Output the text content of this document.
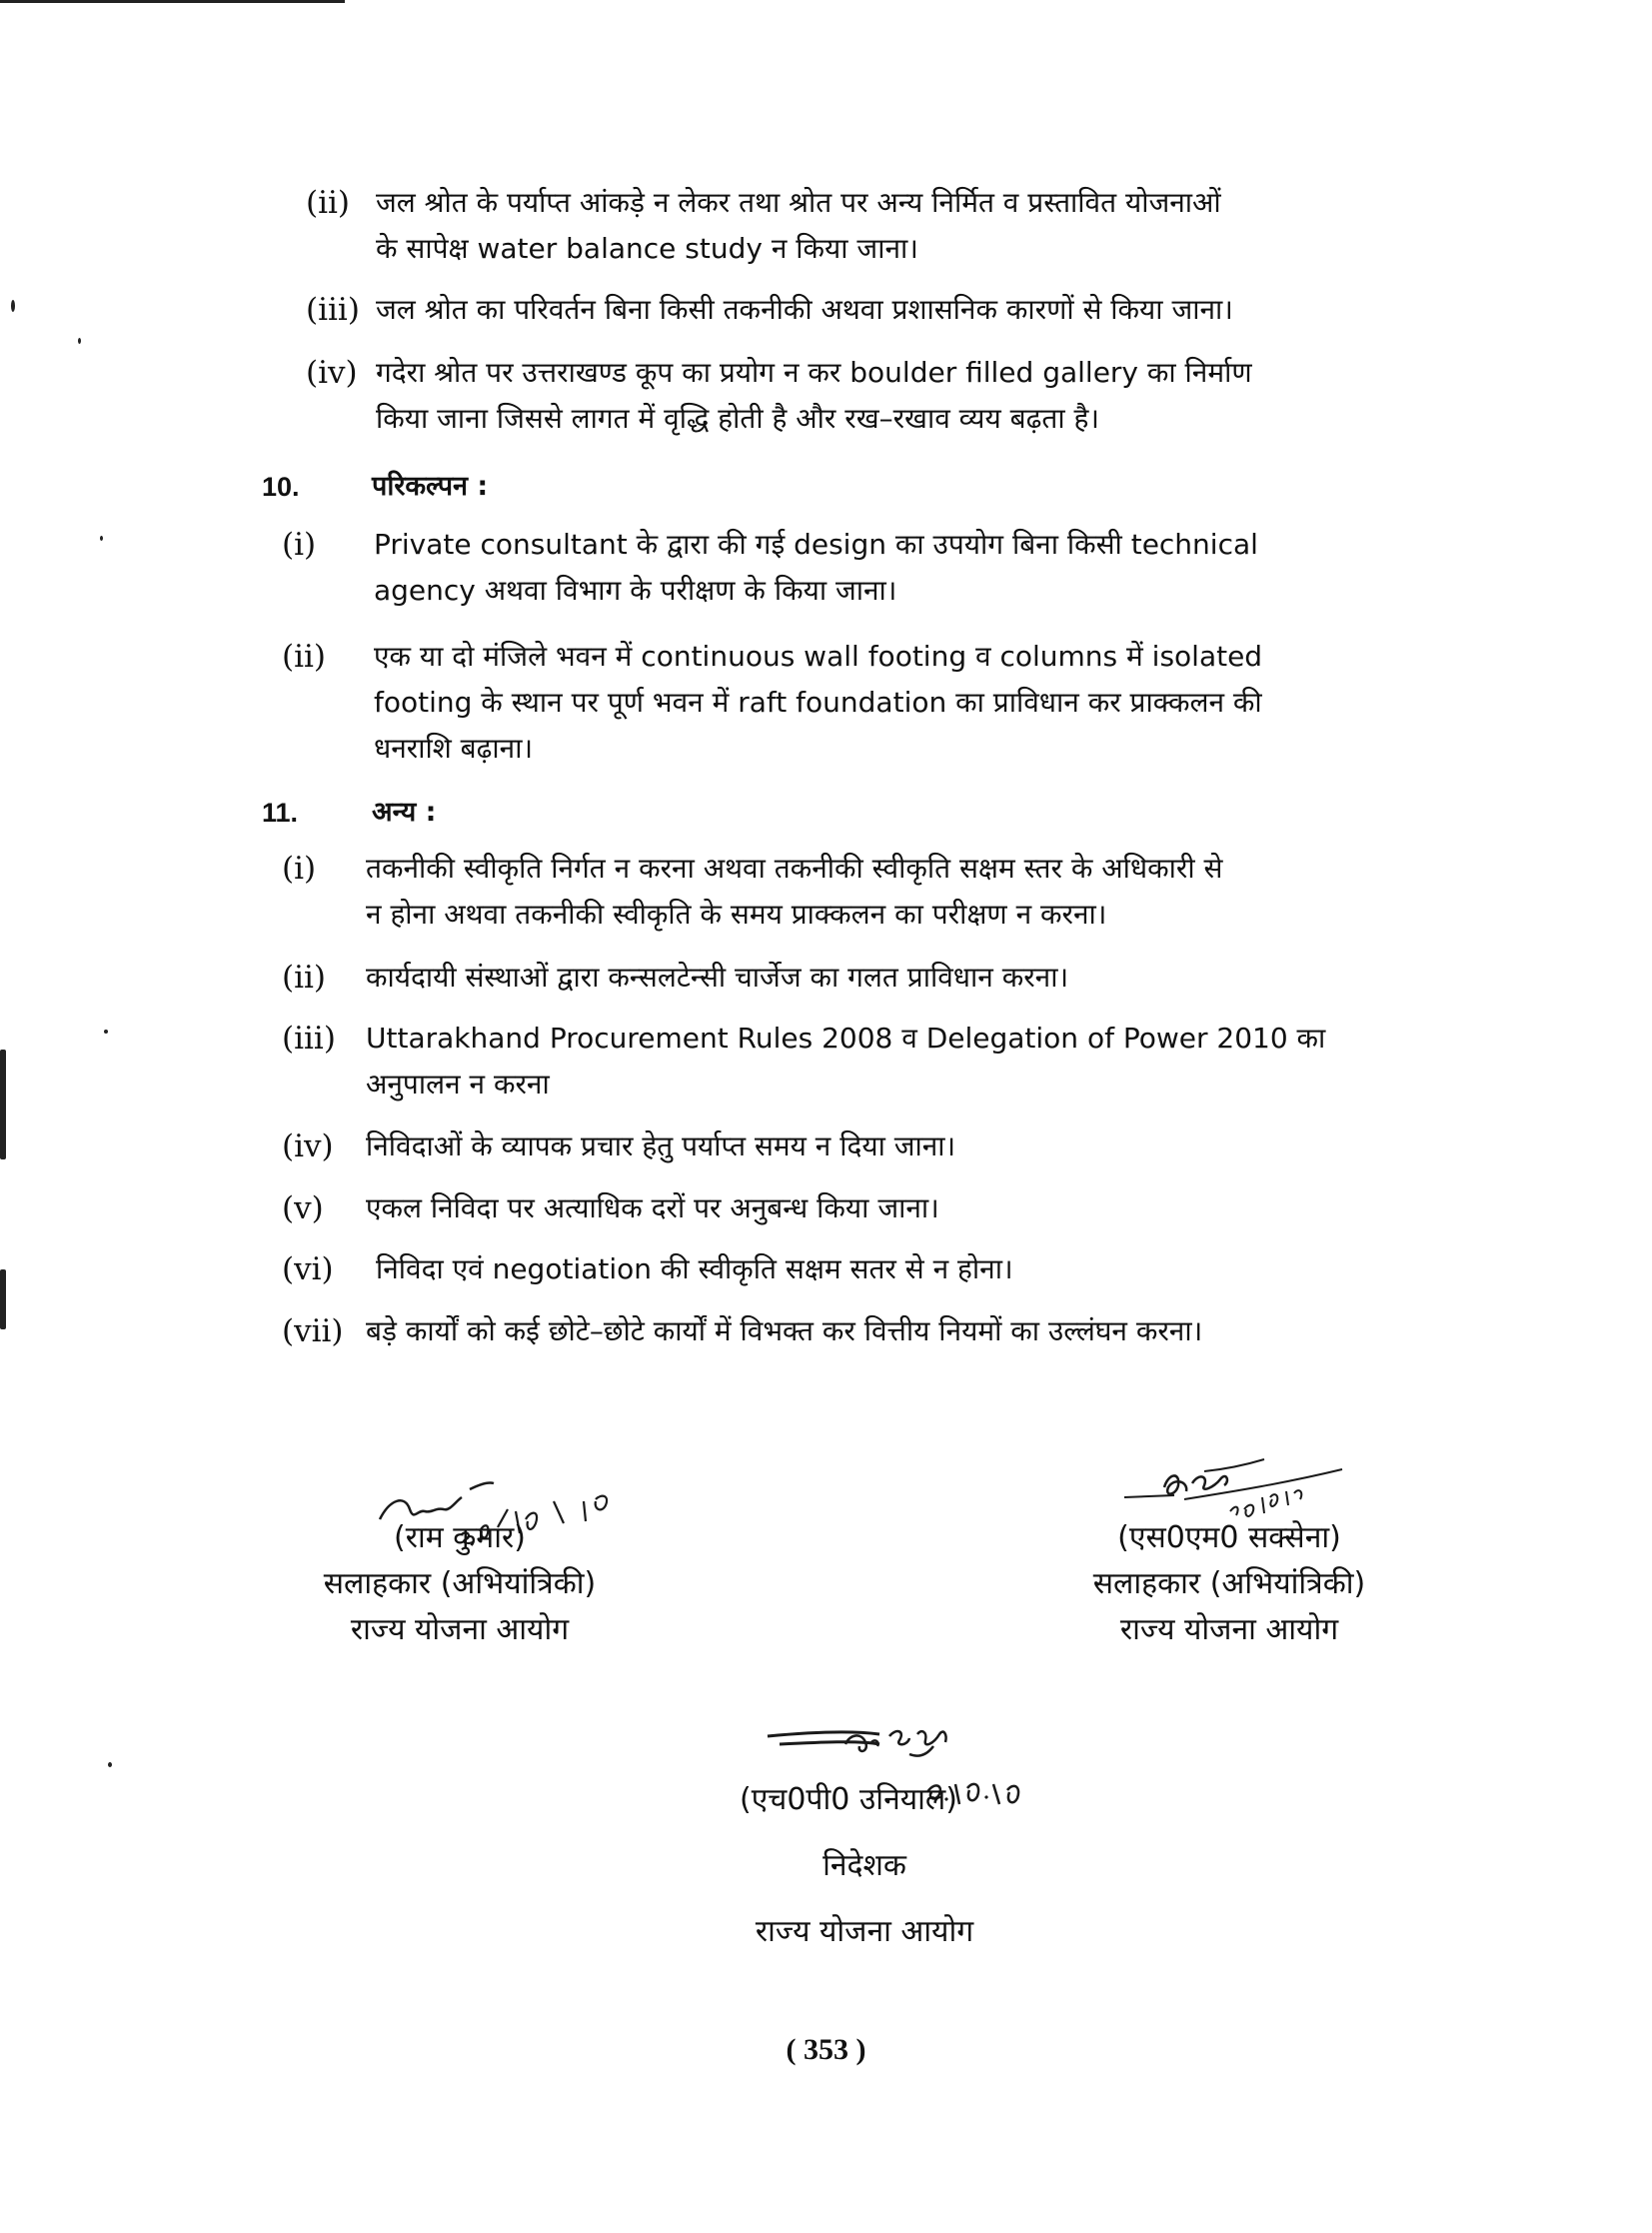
(ii) जल श्रोत के पर्याप्त आंकड़े न लेकर तथा श्रोत पर अन्य निर्मित व प्रस्तावित योजनाओं
के सापेक्ष water balance study न किया जाना।
(iii) जल श्रोत का परिवर्तन बिना किसी तकनीकी अथवा प्रशासनिक कारणों से किया जाना।
(iv) गदेरा श्रोत पर उत्तराखण्ड कूप का प्रयोग न कर boulder filled gallery का निर्माण
किया जाना जिससे लागत में वृद्धि होती है और रख–रखाव व्यय बढ़ता है।
10.	परिकल्पन :
(i) Private consultant के द्वारा की गई design का उपयोग बिना किसी technical
agency अथवा विभाग के परीक्षण के किया जाना।
(ii) एक या दो मंजिले भवन में continuous wall footing व columns में isolated
footing के स्थान पर पूर्ण भवन में raft foundation का प्राविधान कर प्राक्कलन की
धनराशि बढ़ाना।
11.	अन्य :
(i) तकनीकी स्वीकृति निर्गत न करना अथवा तकनीकी स्वीकृति सक्षम स्तर के अधिकारी से
न होना अथवा तकनीकी स्वीकृति के समय प्राक्कलन का परीक्षण न करना।
(ii) कार्यदायी संस्थाओं द्वारा कन्सलटेन्सी चार्जेज का गलत प्राविधान करना।
(iii) Uttarakhand Procurement Rules 2008 व Delegation of Power 2010 का
अनुपालन न करना
(iv) निविदाओं के व्यापक प्रचार हेतु पर्याप्त समय न दिया जाना।
(v) एकल निविदा पर अत्याधिक दरों पर अनुबन्ध किया जाना।
(vi) निविदा एवं negotiation की स्वीकृति सक्षम सतर से न होना।
(vii) बड़े कार्यों को कई छोटे–छोटे कार्यों में विभक्त कर वित्तीय नियमों का उल्लंघन करना।
(राम कुमार)
सलाहकार (अभियांत्रिकी)
राज्य योजना आयोग
(एस0एम0 सक्सेना)
सलाहकार (अभियांत्रिकी)
राज्य योजना आयोग
(एच0पी0 उनियाल)
निदेशक
राज्य योजना आयोग
( 353 )
